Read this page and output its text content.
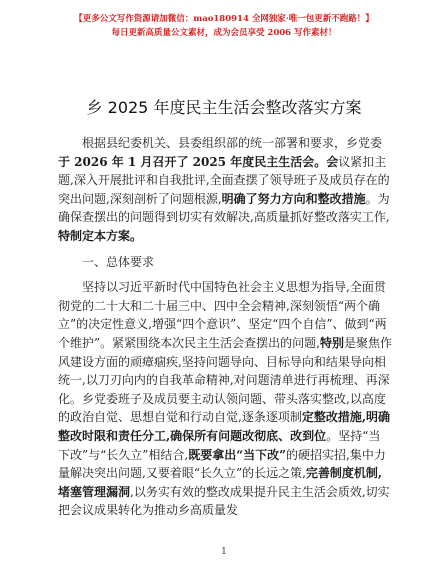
【更多公文写作资源请加微信：mao180914 全网独家·唯一包更新不跑路！】
每日更新高质量公文素材，成为会员享受 2006 写作素材！
乡 2025 年度民主生活会整改落实方案

根据县纪委机关、县委组织部的统一部署和要求，乡党委于 2026 年 1 月召开了 2025 年度民主生活会。会议紧扣主题,深入开展批评和自我批评,全面查摆了领导班子及成员存在的突出问题,深刻剖析了问题根源,明确了努力方向和整改措施。为确保查摆出的问题得到切实有效解决,高质量抓好整改落实工作,特制定本方案。

一、总体要求

坚持以习近平新时代中国特色社会主义思想为指导,全面贯彻党的二十大和二十届三中、四中全会精神,深刻领悟“两个确立”的决定性意义,增强“四个意识”、坚定“四个自信”、做到“两个维护”。紧紧围绕本次民主生活会查摆出的问题,特别是聚焦作风建设方面的顽瘴痼疾,坚持问题导向、目标导向和结果导向相统一,以刀刃向内的自我革命精神,对问题清单进行再梳理、再深化。乡党委班子及成员要主动认领问题、带头落实整改,以高度的政治自觉、思想自觉和行动自觉,逐条逐项制定整改措施,明确整改时限和责任分工,确保所有问题改彻底、改到位。坚持“当下改”与“长久立”相结合,既要拿出“当下改”的硬招实招,集中力量解决突出问题,又要着眼“长久立”的长远之策,完善制度机制,堵塞管理漏洞,以务实有效的整改成果提升民主生活会质效,切实把会议成果转化为推动乡高质量发

1
